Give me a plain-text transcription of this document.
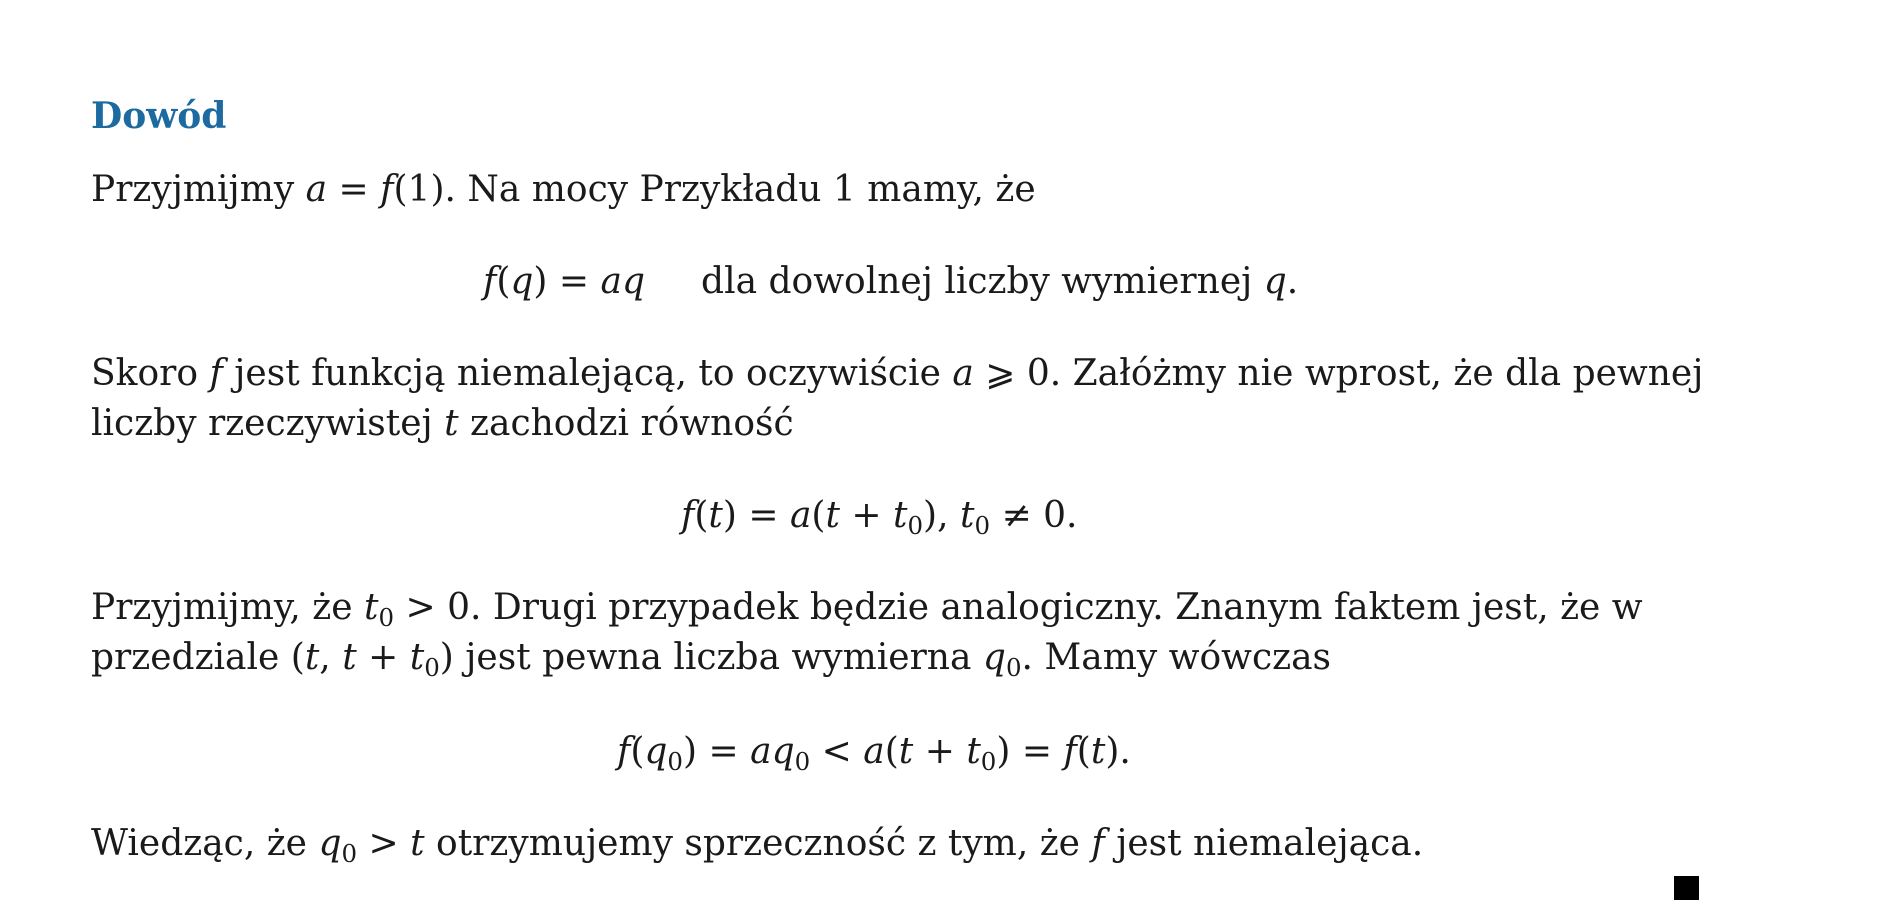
Dowód
Przyjmijmy a = f(1). Na mocy Przykładu 1 mamy, że
f(q) = aq dla dowolnej liczby wymiernej q.
Skoro f jest funkcją niemalejącą, to oczywiście a ⩾ 0. Załóżmy nie wprost, że dla pewnej
liczby rzeczywistej t zachodzi równość
$f(t) = a(t + t_0)$, $t_0 \ne 0$.
Przyjmijmy, że $t_0 > 0$. Drugi przypadek będzie analogiczny. Znanym faktem jest, że w
przedziale (t, $t + t_0$) jest pewna liczba wymierna $q_0$. Mamy wówczas
$f(q_0) = aq_0 < a(t + t_0) = f(t)$.
Wiedząc, że $q_0 > t$ otrzymujemy sprzeczność z tym, że f jest niemalejąca.
